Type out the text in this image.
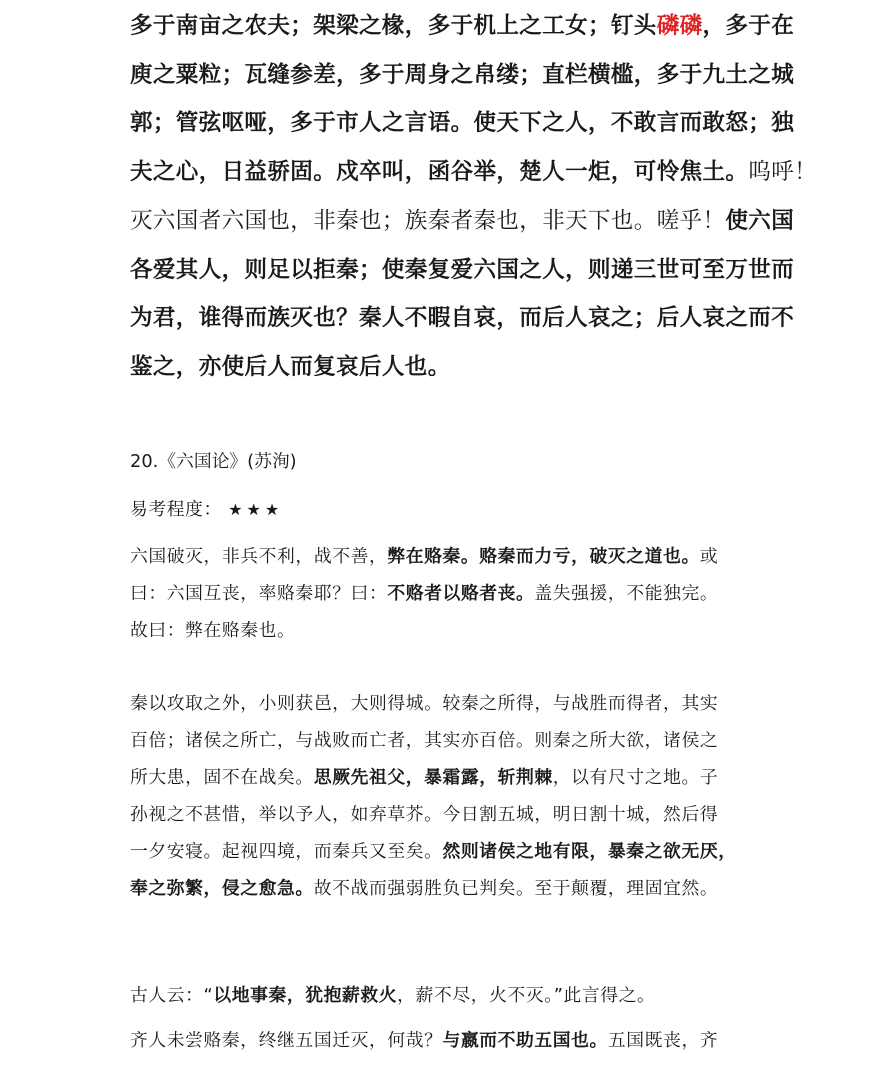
多于南亩之农夫；架梁之椽，多于机上之工女；钉头磷磷，多于在
庾之粟粒；瓦缝参差，多于周身之帛缕；直栏横槛，多于九土之城
郭；管弦呕哑，多于市人之言语。使天下之人，不敢言而敢怒；独
夫之心，日益骄固。戍卒叫，函谷举，楚人一炬，可怜焦土。呜呼！
灭六国者六国也，非秦也；族秦者秦也，非天下也。嗟乎！使六国
各爱其人，则足以拒秦；使秦复爱六国之人，则递三世可至万世而
为君，谁得而族灭也？秦人不暇自哀，而后人哀之；后人哀之而不
鉴之，亦使后人而复哀后人也。

20.《六国论》(苏洵)

易考程度： ★★★

六国破灭，非兵不利，战不善，弊在赂秦。赂秦而力亏，破灭之道也。或
曰：六国互丧，率赂秦耶？曰：不赂者以赂者丧。盖失强援，不能独完。
故曰：弊在赂秦也。
秦以攻取之外，小则获邑，大则得城。较秦之所得，与战胜而得者，其实
百倍；诸侯之所亡，与战败而亡者，其实亦百倍。则秦之所大欲，诸侯之
所大患，固不在战矣。思厥先祖父，暴霜露，斩荆棘，以有尺寸之地。子
孙视之不甚惜，举以予人，如弃草芥。今日割五城，明日割十城，然后得
一夕安寝。起视四境，而秦兵又至矣。然则诸侯之地有限，暴秦之欲无厌，
奉之弥繁，侵之愈急。故不战而强弱胜负已判矣。至于颠覆，理固宜然。
古人云：“以地事秦，犹抱薪救火，薪不尽，火不灭。”此言得之。
齐人未尝赂秦，终继五国迁灭，何哉？与嬴而不助五国也。五国既丧，齐
